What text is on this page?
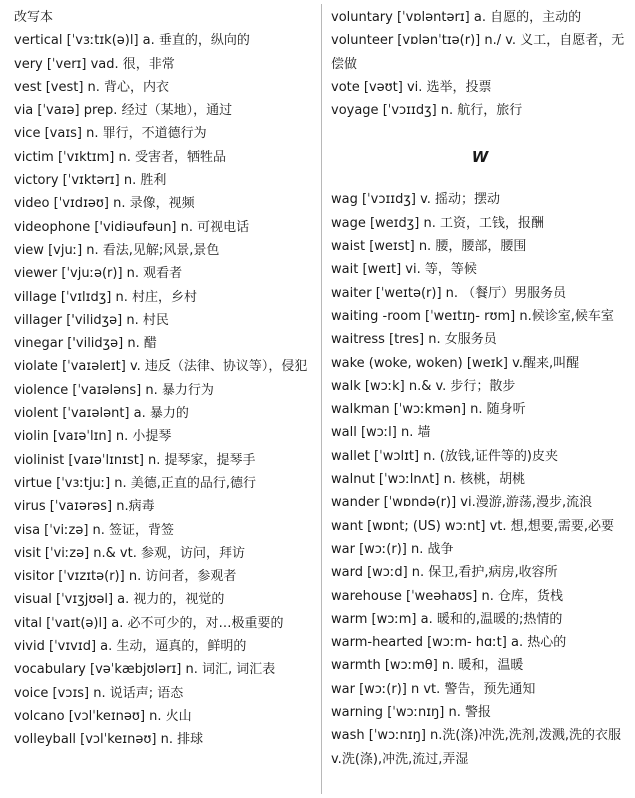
改写本
vertical [ˈvɜːtɪk(ə)l] a. 垂直的，纵向的
very [ˈverɪ] vad. 很，非常
vest [vest] n. 背心，内衣
via [ˈvaɪə] prep. 经过（某地），通过
vice [vaɪs] n. 罪行，不道德行为
victim [ˈvɪktɪm] n. 受害者，牺牲品
victory [ˈvɪktərɪ] n. 胜利
video [ˈvɪdɪəʊ] n. 录像，视频
videophone ['vidiəufəun] n. 可视电话
view [vjuː] n. 看法,见解;风景,景色
viewer [ˈvjuːə(r)] n. 观看者
village [ˈvɪlɪdʒ] n. 村庄，乡村
villager ['vilidʒə] n. 村民
vinegar ['vilidʒə] n. 醋
violate [ˈvaɪəleɪt] v. 违反（法律、协议等），侵犯
violence [ˈvaɪələns] n. 暴力行为
violent [ˈvaɪələnt] a. 暴力的
violin [vaɪəˈlɪn] n. 小提琴
violinist [vaɪəˈlɪnɪst] n. 提琴家，提琴手
virtue [ˈvɜːtjuː] n. 美德,正直的品行,德行
virus [ˈvaɪərəs] n.病毒
visa [ˈviːzə] n. 签证，背签
visit [ˈviːzə] n.& vt. 参观，访问，拜访
visitor [ˈvɪzɪtə(r)] n. 访问者，参观者
visual [ˈvɪʒjʊəl] a. 视力的，视觉的
vital [ˈvaɪt(ə)l] a. 必不可少的，对…极重要的
vivid [ˈvɪvɪd] a. 生动，逼真的，鲜明的
vocabulary [vəˈkæbjʊlərɪ] n. 词汇, 词汇表
voice [vɔɪs] n. 说话声; 语态
volcano [vɔlˈkeɪnəʊ] n. 火山
volleyball [vɔlˈkeɪnəʊ] n. 排球
voluntary [ˈvɒləntərɪ] a. 自愿的，主动的
volunteer [vɒlənˈtɪə(r)] n./ v. 义工，自愿者，无偿做
vote [vəʊt] vi. 选举，投票
voyage [ˈvɔɪɪdʒ] n. 航行，旅行
W
wag [ˈvɔɪɪdʒ] v. 摇动；摆动
wage [weɪdʒ] n. 工资，工钱，报酬
waist [weɪst] n. 腰，腰部，腰围
wait [weɪt] vi. 等，等候
waiter [ˈweɪtə(r)] n. （餐厅）男服务员
waiting -room [ˈweɪtɪŋ- rʊm] n.候诊室,候车室
waitress [tres] n. 女服务员
wake (woke, woken) [weɪk] v.醒来,叫醒
walk [wɔːk] n.& v. 步行；散步
walkman [ˈwɔːkmən] n. 随身听
wall [wɔːl] n. 墙
wallet [ˈwɔlɪt] n. (放钱,证件等的)皮夹
walnut [ˈwɔːlnʌt] n. 核桃，胡桃
wander [ˈwɒndə(r)] vi.漫游,游荡,漫步,流浪
want [wɒnt; (US) wɔːnt] vt. 想,想要,需要,必要
war [wɔː(r)] n. 战争
ward [wɔːd] n. 保卫,看护,病房,收容所
warehouse [ˈweəhaʊs] n. 仓库，货栈
warm [wɔːm] a. 暖和的,温暖的;热情的
warm-hearted [wɔːm- hɑːt] a. 热心的
warmth [wɔːmθ] n. 暖和，温暖
war [wɔː(r)] n vt. 警告，预先通知
warning [ˈwɔːnɪŋ] n. 警报
wash [ˈwɔːnɪŋ] n.洗(涤)冲洗,洗剂,泼溅,洗的衣服 v.洗(涤),冲洗,流过,弄湿
